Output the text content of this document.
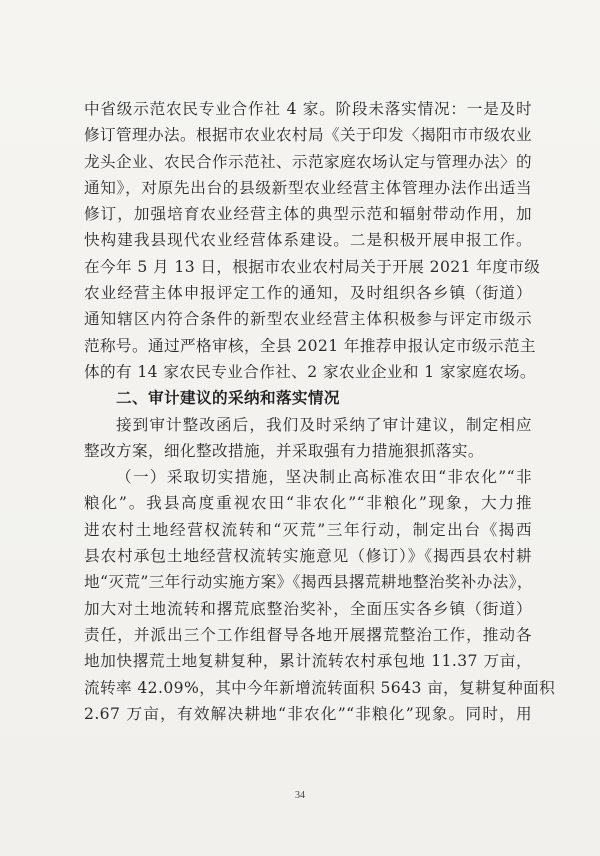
中省级示范农民专业合作社 4 家。阶段未落实情况：一是及时
修订管理办法。根据市农业农村局《关于印发〈揭阳市市级农业
龙头企业、农民合作示范社、示范家庭农场认定与管理办法〉的
通知》，对原先出台的县级新型农业经营主体管理办法作出适当
修订，加强培育农业经营主体的典型示范和辐射带动作用，加
快构建我县现代农业经营体系建设。二是积极开展申报工作。
在今年 5 月 13 日，根据市农业农村局关于开展 2021 年度市级
农业经营主体申报评定工作的通知，及时组织各乡镇（街道）
通知辖区内符合条件的新型农业经营主体积极参与评定市级示
范称号。通过严格审核，全县 2021 年推荐申报认定市级示范主
体的有 14 家农民专业合作社、2 家农业企业和 1 家家庭农场。
二、审计建议的采纳和落实情况
接到审计整改函后，我们及时采纳了审计建议，制定相应
整改方案，细化整改措施，并采取强有力措施狠抓落实。
（一）采取切实措施，坚决制止高标准农田“非农化”“非
粮化”。我县高度重视农田“非农化”“非粮化”现象，大力推
进农村土地经营权流转和“灭荒”三年行动，制定出台《揭西
县农村承包土地经营权流转实施意见（修订）》《揭西县农村耕
地“灭荒”三年行动实施方案》《揭西县撂荒耕地整治奖补办法》，
加大对土地流转和撂荒底整治奖补，全面压实各乡镇（街道）
责任，并派出三个工作组督导各地开展撂荒整治工作，推动各
地加快撂荒土地复耕复种，累计流转农村承包地 11.37 万亩，
流转率 42.09%，其中今年新增流转面积 5643 亩，复耕复种面积
2.67 万亩，有效解决耕地“非农化”“非粮化”现象。同时，用
34
